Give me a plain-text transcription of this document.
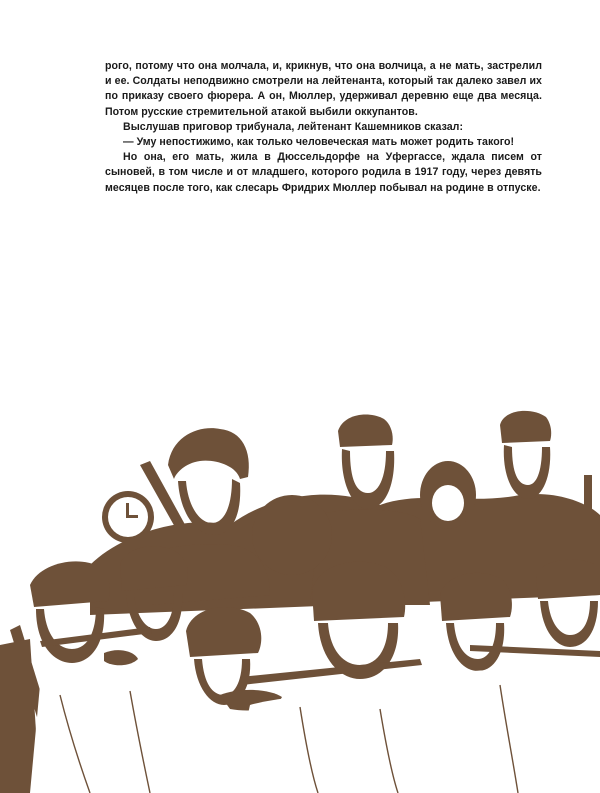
рого, потому что она молчала, и, крикнув, что она волчица, а не мать, застрелил и ее. Солдаты неподвижно смотрели на лейтенанта, который так далеко завел их по приказу своего фюрера. А он, Мюллер, удерживал деревню еще два месяца. Потом русские стремительной атакой выбили оккупантов.

Выслушав приговор трибунала, лейтенант Кашемников сказал:

— Уму непостижимо, как только человеческая мать может родить такого!

Но она, его мать, жила в Дюссельдорфе на Уфергассе, ждала писем от сыновей, в том числе и от младшего, которого родила в 1917 году, через девять месяцев после того, как слесарь Фридрих Мюллер побывал на родине в отпуске.
